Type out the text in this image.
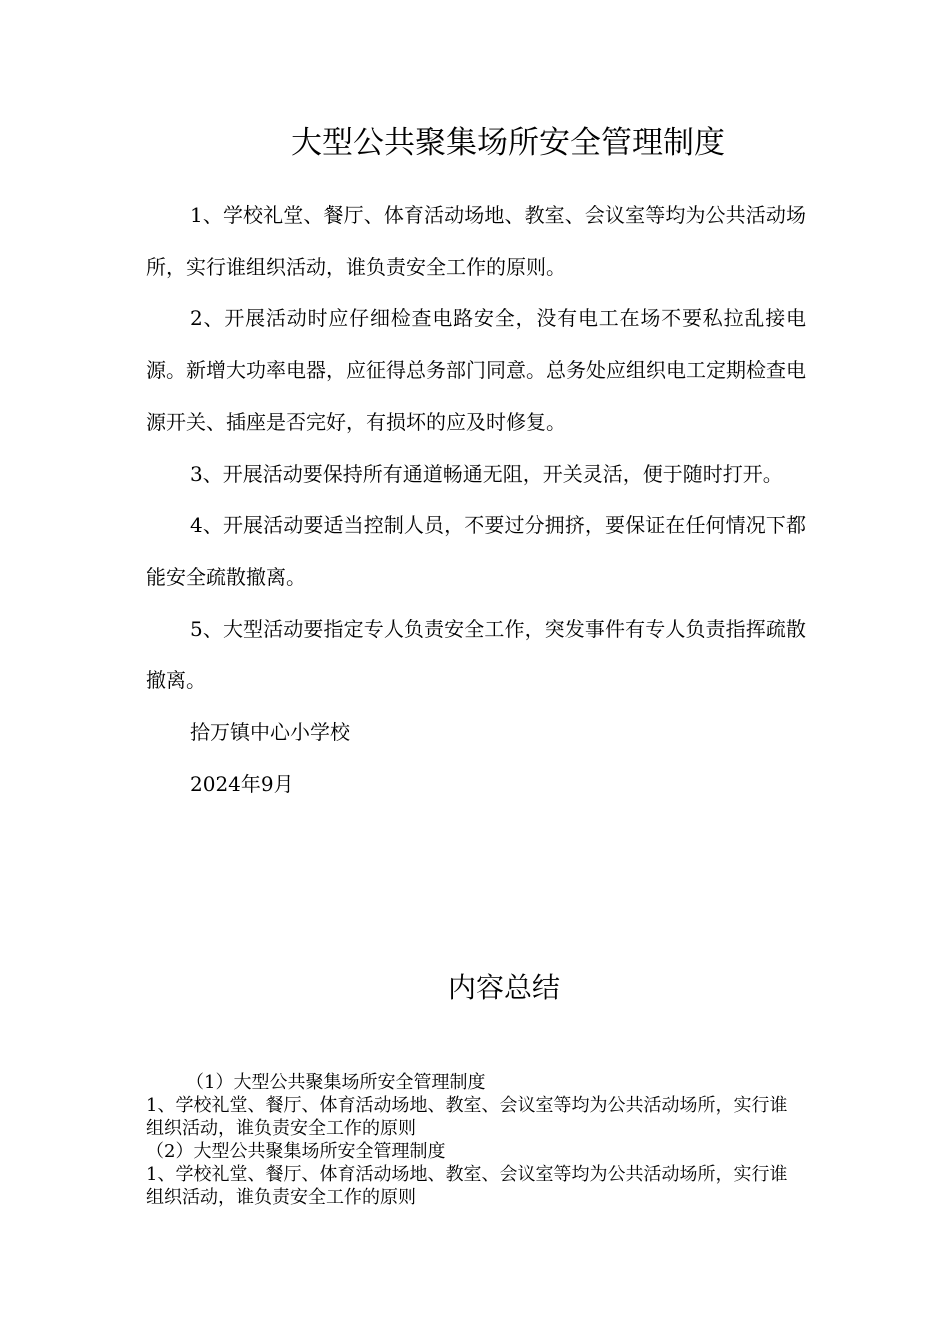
大型公共聚集场所安全管理制度

1、学校礼堂、餐厅、体育活动场地、教室、会议室等均为公共活动场所，实行谁组织活动，谁负责安全工作的原则。

2、开展活动时应仔细检查电路安全，没有电工在场不要私拉乱接电源。新增大功率电器，应征得总务部门同意。总务处应组织电工定期检查电源开关、插座是否完好，有损坏的应及时修复。

3、开展活动要保持所有通道畅通无阻，开关灵活，便于随时打开。

4、开展活动要适当控制人员，不要过分拥挤，要保证在任何情况下都能安全疏散撤离。

5、大型活动要指定专人负责安全工作，突发事件有专人负责指挥疏散撤离。

拾万镇中心小学校

2024年9月

内容总结

（1）大型公共聚集场所安全管理制度

1、学校礼堂、餐厅、体育活动场地、教室、会议室等均为公共活动场所，实行谁组织活动，谁负责安全工作的原则

（2）大型公共聚集场所安全管理制度

1、学校礼堂、餐厅、体育活动场地、教室、会议室等均为公共活动场所，实行谁组织活动，谁负责安全工作的原则
